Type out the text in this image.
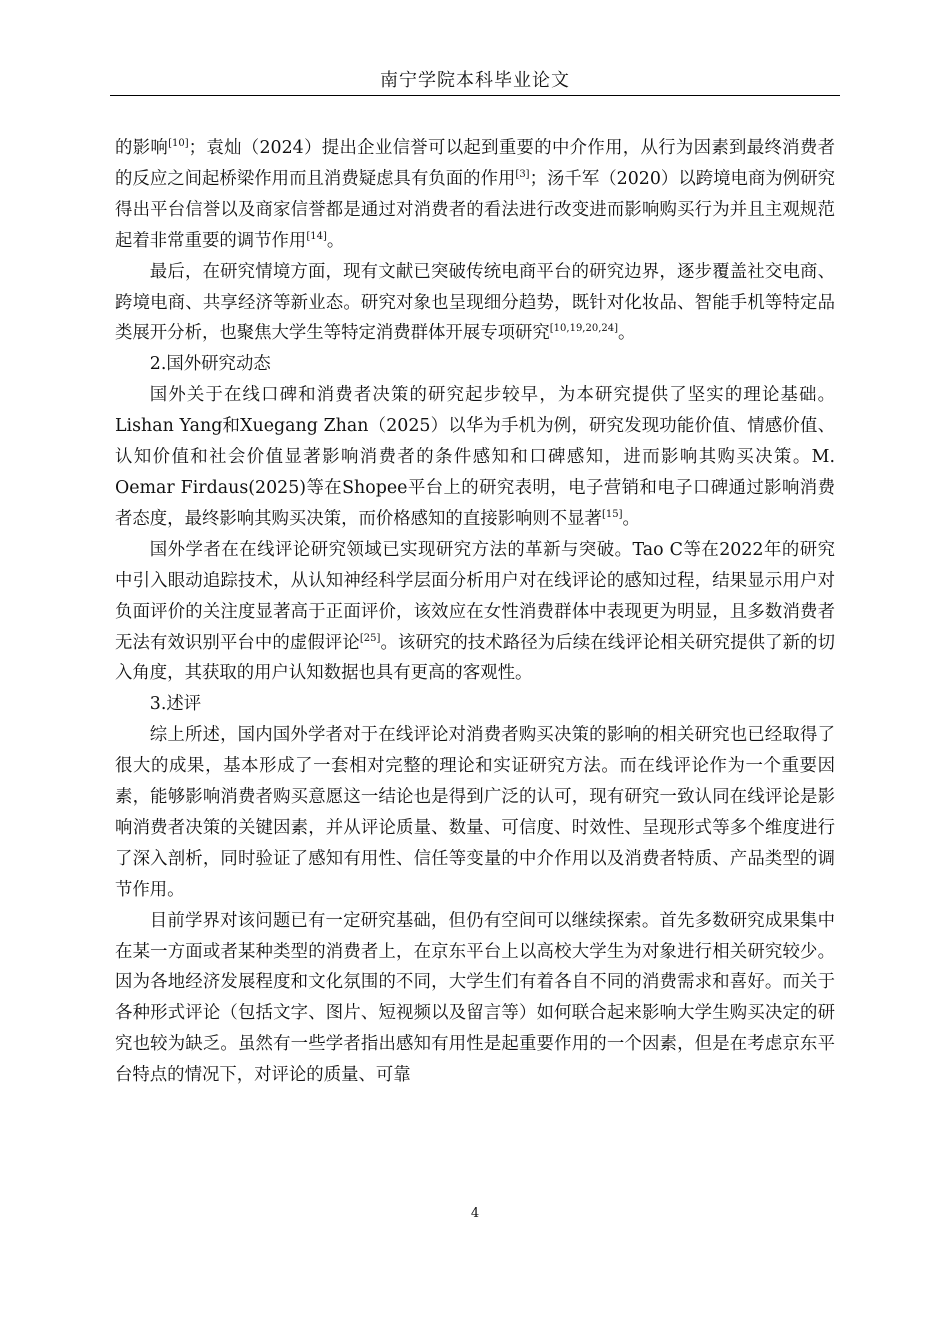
南宁学院本科毕业论文

的影响[10]；袁灿（2024）提出企业信誉可以起到重要的中介作用，从行为因素到最终消费者的反应之间起桥梁作用而且消费疑虑具有负面的作用[3]；汤千军（2020）以跨境电商为例研究得出平台信誉以及商家信誉都是通过对消费者的看法进行改变进而影响购买行为并且主观规范起着非常重要的调节作用[14]。

最后，在研究情境方面，现有文献已突破传统电商平台的研究边界，逐步覆盖社交电商、跨境电商、共享经济等新业态。研究对象也呈现细分趋势，既针对化妆品、智能手机等特定品类展开分析，也聚焦大学生等特定消费群体开展专项研究[10,19,20,24]。

2.国外研究动态

国外关于在线口碑和消费者决策的研究起步较早，为本研究提供了坚实的理论基础。Lishan Yang和Xuegang Zhan（2025）以华为手机为例，研究发现功能价值、情感价值、认知价值和社会价值显著影响消费者的条件感知和口碑感知，进而影响其购买决策。M. Oemar Firdaus(2025)等在Shopee平台上的研究表明，电子营销和电子口碑通过影响消费者态度，最终影响其购买决策，而价格感知的直接影响则不显著[15]。

国外学者在在线评论研究领域已实现研究方法的革新与突破。Tao C等在2022年的研究中引入眼动追踪技术，从认知神经科学层面分析用户对在线评论的感知过程，结果显示用户对负面评价的关注度显著高于正面评价，该效应在女性消费群体中表现更为明显，且多数消费者无法有效识别平台中的虚假评论[25]。该研究的技术路径为后续在线评论相关研究提供了新的切入角度，其获取的用户认知数据也具有更高的客观性。

3.述评

综上所述，国内国外学者对于在线评论对消费者购买决策的影响的相关研究也已经取得了很大的成果，基本形成了一套相对完整的理论和实证研究方法。而在线评论作为一个重要因素，能够影响消费者购买意愿这一结论也是得到广泛的认可，现有研究一致认同在线评论是影响消费者决策的关键因素，并从评论质量、数量、可信度、时效性、呈现形式等多个维度进行了深入剖析，同时验证了感知有用性、信任等变量的中介作用以及消费者特质、产品类型的调节作用。

目前学界对该问题已有一定研究基础，但仍有空间可以继续探索。首先多数研究成果集中在某一方面或者某种类型的消费者上，在京东平台上以高校大学生为对象进行相关研究较少。因为各地经济发展程度和文化氛围的不同，大学生们有着各自不同的消费需求和喜好。而关于各种形式评论（包括文字、图片、短视频以及留言等）如何联合起来影响大学生购买决定的研究也较为缺乏。虽然有一些学者指出感知有用性是起重要作用的一个因素，但是在考虑京东平台特点的情况下，对评论的质量、可靠

4
